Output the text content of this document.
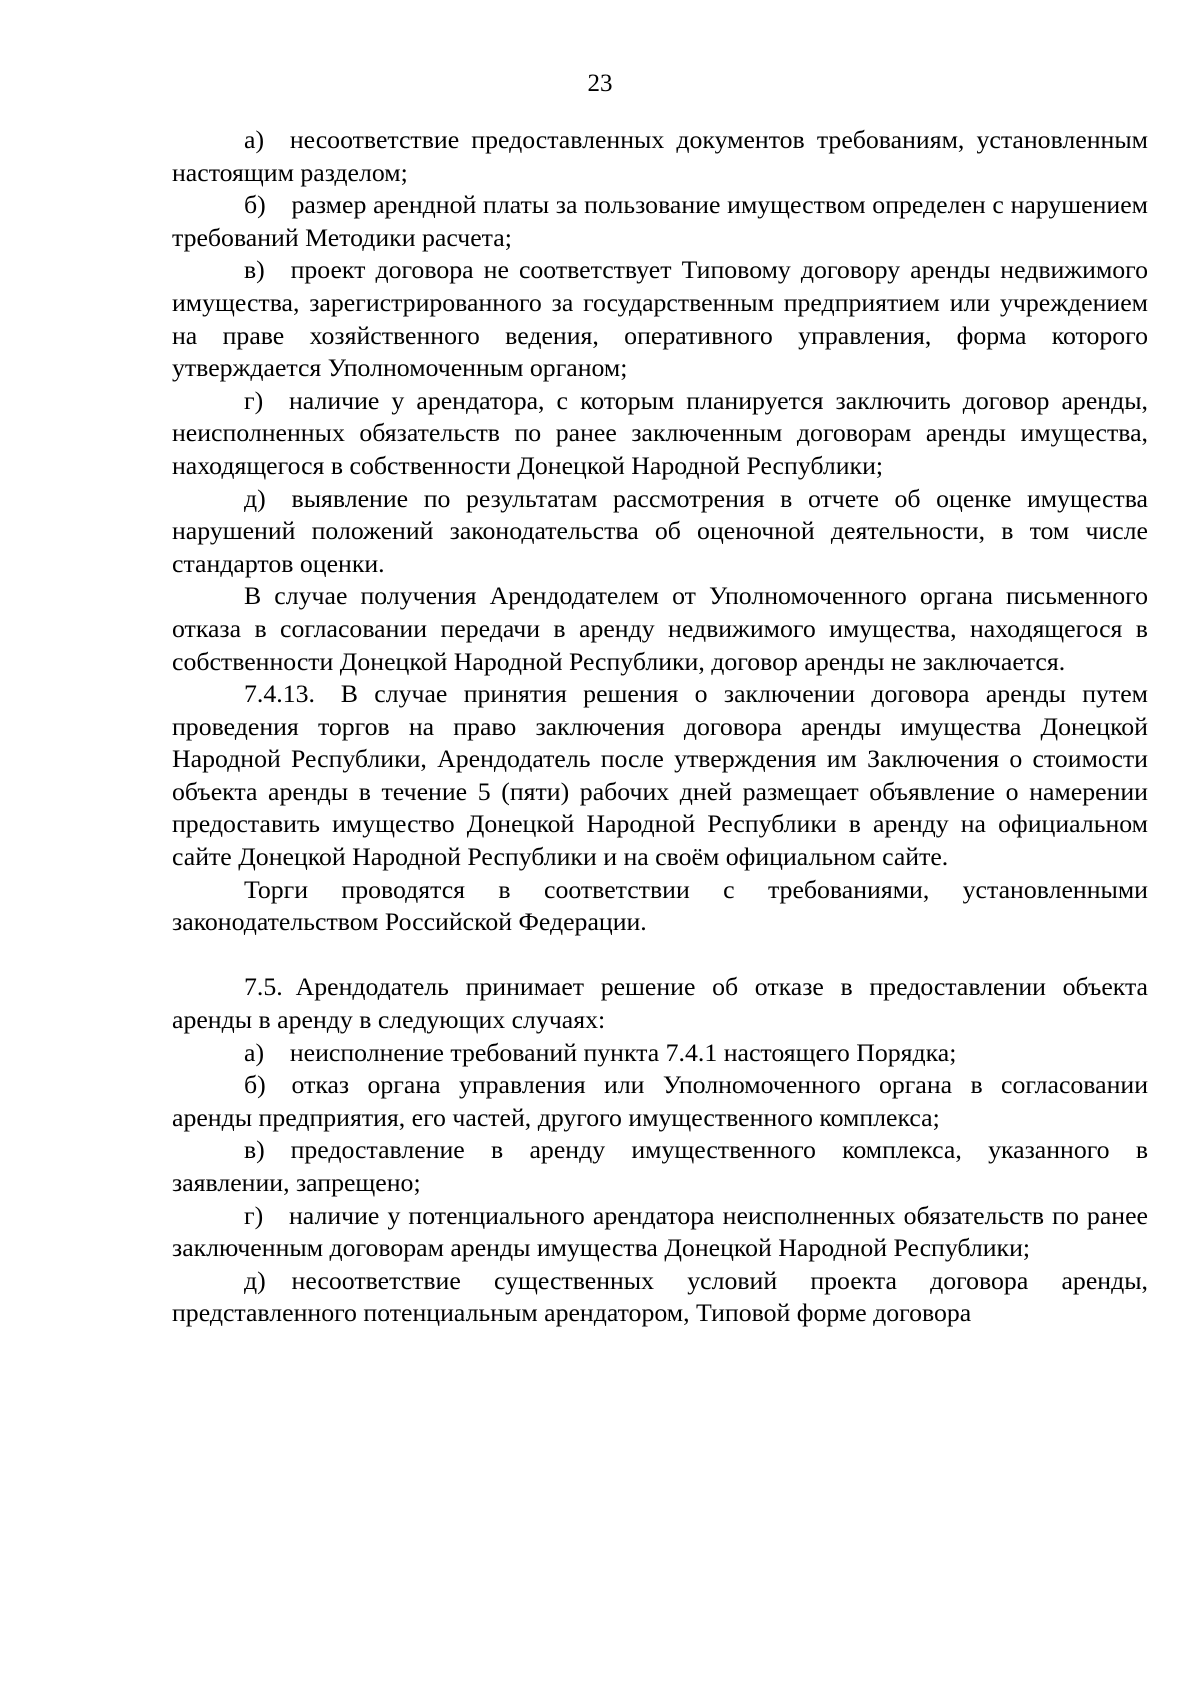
23

а) несоответствие предоставленных документов требованиям, установленным настоящим разделом;

б) размер арендной платы за пользование имуществом определен с нарушением требований Методики расчета;

в) проект договора не соответствует Типовому договору аренды недвижимого имущества, зарегистрированного за государственным предприятием или учреждением на праве хозяйственного ведения, оперативного управления, форма которого утверждается Уполномоченным органом;

г) наличие у арендатора, с которым планируется заключить договор аренды, неисполненных обязательств по ранее заключенным договорам аренды имущества, находящегося в собственности Донецкой Народной Республики;

д) выявление по результатам рассмотрения в отчете об оценке имущества нарушений положений законодательства об оценочной деятельности, в том числе стандартов оценки.

В случае получения Арендодателем от Уполномоченного органа письменного отказа в согласовании передачи в аренду недвижимого имущества, находящегося в собственности Донецкой Народной Республики, договор аренды не заключается.

7.4.13. В случае принятия решения о заключении договора аренды путем проведения торгов на право заключения договора аренды имущества Донецкой Народной Республики, Арендодатель после утверждения им Заключения о стоимости объекта аренды в течение 5 (пяти) рабочих дней размещает объявление о намерении предоставить имущество Донецкой Народной Республики в аренду на официальном сайте Донецкой Народной Республики и на своём официальном сайте.

Торги проводятся в соответствии с требованиями, установленными законодательством Российской Федерации.

7.5. Арендодатель принимает решение об отказе в предоставлении объекта аренды в аренду в следующих случаях:

а) неисполнение требований пункта 7.4.1 настоящего Порядка;

б) отказ органа управления или Уполномоченного органа в согласовании аренды предприятия, его частей, другого имущественного комплекса;

в) предоставление в аренду имущественного комплекса, указанного в заявлении, запрещено;

г) наличие у потенциального арендатора неисполненных обязательств по ранее заключенным договорам аренды имущества Донецкой Народной Республики;

д) несоответствие существенных условий проекта договора аренды, представленного потенциальным арендатором, Типовой форме договора
